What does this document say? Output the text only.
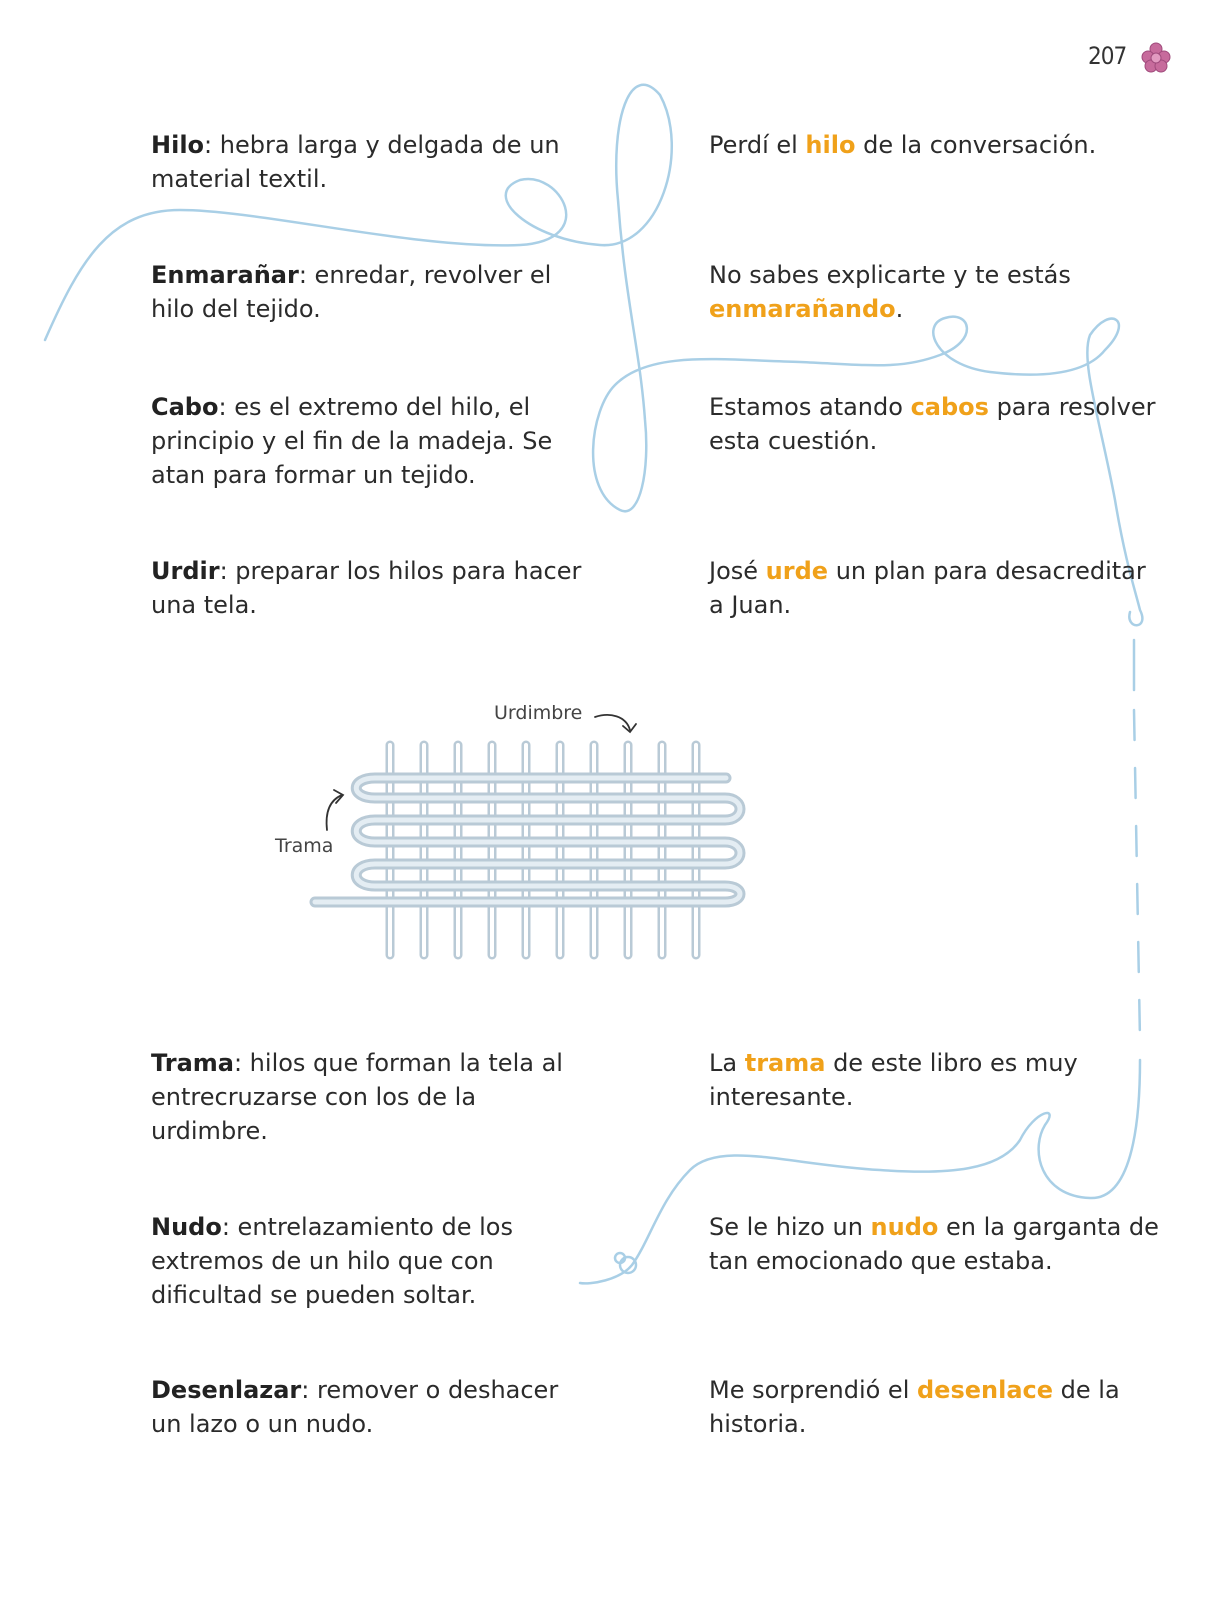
207
Hilo: hebra larga y delgada de un material textil.
Perdí el hilo de la conversación.
Enmarañar: enredar, revolver el hilo del tejido.
No sabes explicarte y te estás enmarañando.
Cabo: es el extremo del hilo, el principio y el fin de la madeja. Se atan para formar un tejido.
Estamos atando cabos para resolver esta cuestión.
Urdir: preparar los hilos para hacer una tela.
José urde un plan para desacreditar a Juan.
Urdimbre
Trama
Trama: hilos que forman la tela al entrecruzarse con los de la urdimbre.
La trama de este libro es muy interesante.
Nudo: entrelazamiento de los extremos de un hilo que con dificultad se pueden soltar.
Se le hizo un nudo en la garganta de tan emocionado que estaba.
Desenlazar: remover o deshacer un lazo o un nudo.
Me sorprendió el desenlace de la historia.
